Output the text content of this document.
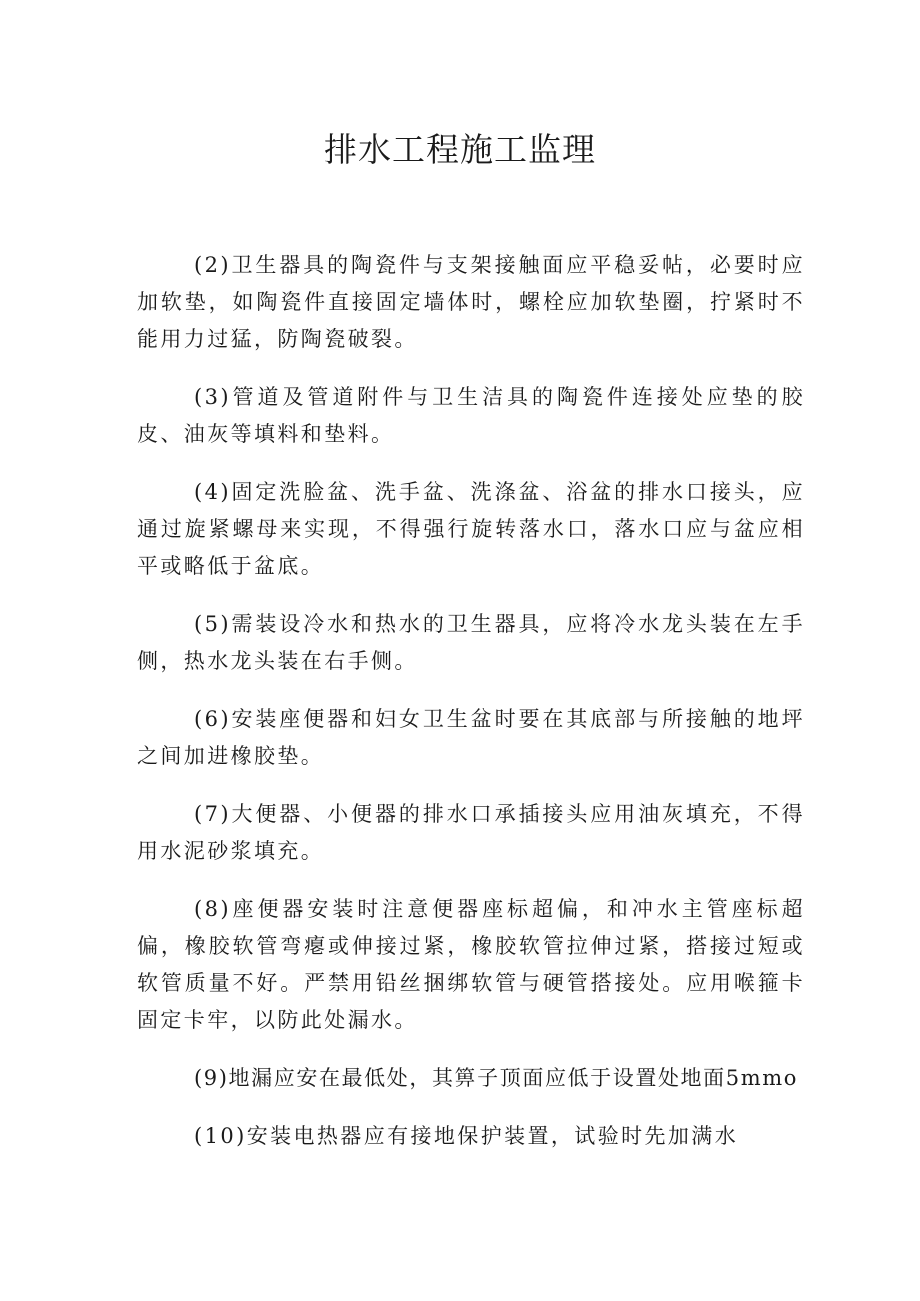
排水工程施工监理

(2)卫生器具的陶瓷件与支架接触面应平稳妥帖，必要时应加软垫，如陶瓷件直接固定墙体时，螺栓应加软垫圈，拧紧时不能用力过猛，防陶瓷破裂。

(3)管道及管道附件与卫生洁具的陶瓷件连接处应垫的胶皮、油灰等填料和垫料。

(4)固定洗脸盆、洗手盆、洗涤盆、浴盆的排水口接头，应通过旋紧螺母来实现，不得强行旋转落水口，落水口应与盆应相平或略低于盆底。

(5)需装设冷水和热水的卫生器具，应将冷水龙头装在左手侧，热水龙头装在右手侧。

(6)安装座便器和妇女卫生盆时要在其底部与所接触的地坪之间加进橡胶垫。

(7)大便器、小便器的排水口承插接头应用油灰填充，不得用水泥砂浆填充。

(8)座便器安装时注意便器座标超偏，和冲水主管座标超偏，橡胶软管弯瘪或伸接过紧，橡胶软管拉伸过紧，搭接过短或软管质量不好。严禁用铅丝捆绑软管与硬管搭接处。应用喉箍卡固定卡牢，以防此处漏水。

(9)地漏应安在最低处，其箅子顶面应低于设置处地面5mmo

(10)安装电热器应有接地保护装置，试验时先加满水
